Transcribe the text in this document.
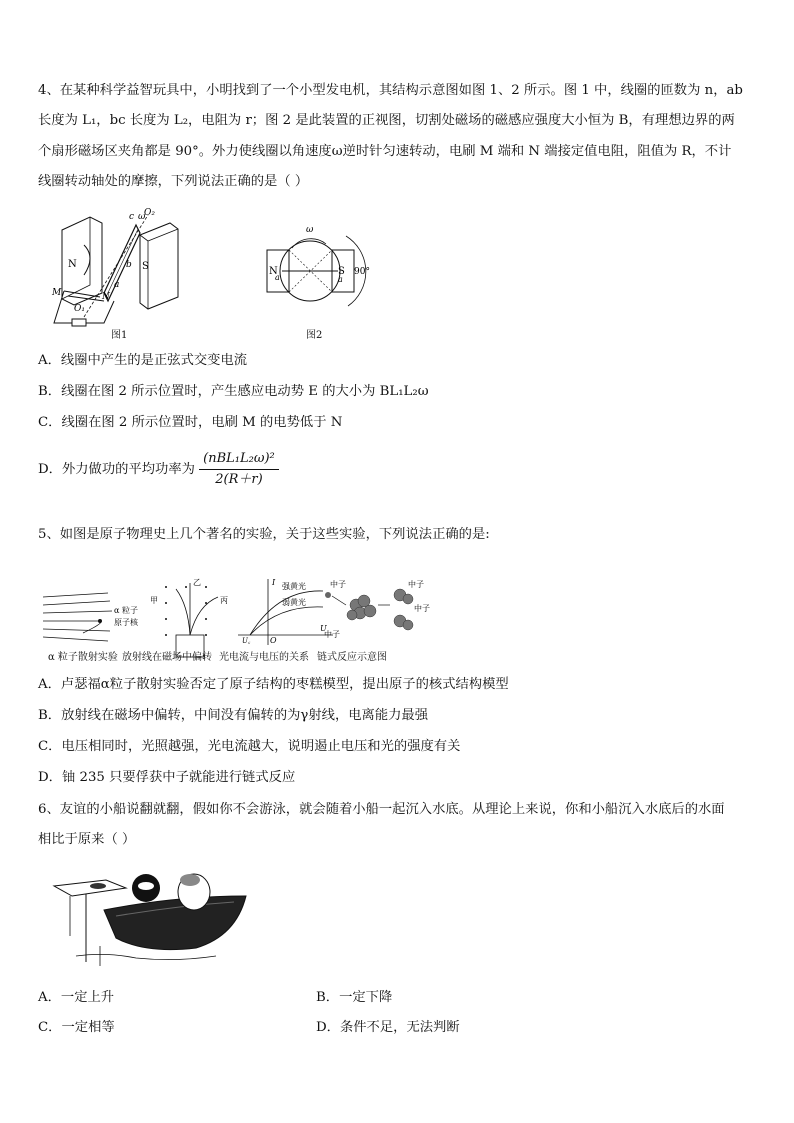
4、在某种科学益智玩具中，小明找到了一个小型发电机，其结构示意图如图 1、2 所示。图 1 中，线圈的匝数为 n，ab
长度为 L₁，bc 长度为 L₂，电阻为 r；图 2 是此装置的正视图，切割处磁场的磁感应强度大小恒为 B，有理想边界的两
个扇形磁场区夹角都是 90°。外力使线圈以角速度ω逆时针匀速转动，电刷 M 端和 N 端接定值电阻，阻值为 R，不计
线圈转动轴处的摩擦，下列说法正确的是（ ）
N	S
c ω
O₂
b
a
M	N
O₁
图1
N	S
ω
90°
a	a
图2
A．线圈中产生的是正弦式交变电流
B．线圈在图 2 所示位置时，产生感应电动势 E 的大小为 BL₁L₂ω
C．线圈在图 2 所示位置时，电刷 M 的电势低于 N
D．外力做功的平均功率为 $\frac{\text{(nBL₁L₂ω)²}}{2(R+r)}$
5、如图是原子物理史上几个著名的实验，关于这些实验，下列说法正确的是:
α 粒子
原子核
甲
乙
丙
I 强黄光
弱黄光
U
U꜀ O
中子	中子
中子
中子
α 粒子散射实验 放射线在磁场中偏转 光电流与电压的关系 链式反应示意图
A．卢瑟福α粒子散射实验否定了原子结构的枣糕模型，提出原子的核式结构模型
B．放射线在磁场中偏转，中间没有偏转的为γ射线，电离能力最强
C．电压相同时，光照越强，光电流越大，说明遏止电压和光的强度有关
D．铀 235 只要俘获中子就能进行链式反应
6、友谊的小船说翻就翻，假如你不会游泳，就会随着小船一起沉入水底。从理论上来说，你和小船沉入水底后的水面
相比于原来（ ）
A．一定上升	B．一定下降
C．一定相等	D．条件不足，无法判断
